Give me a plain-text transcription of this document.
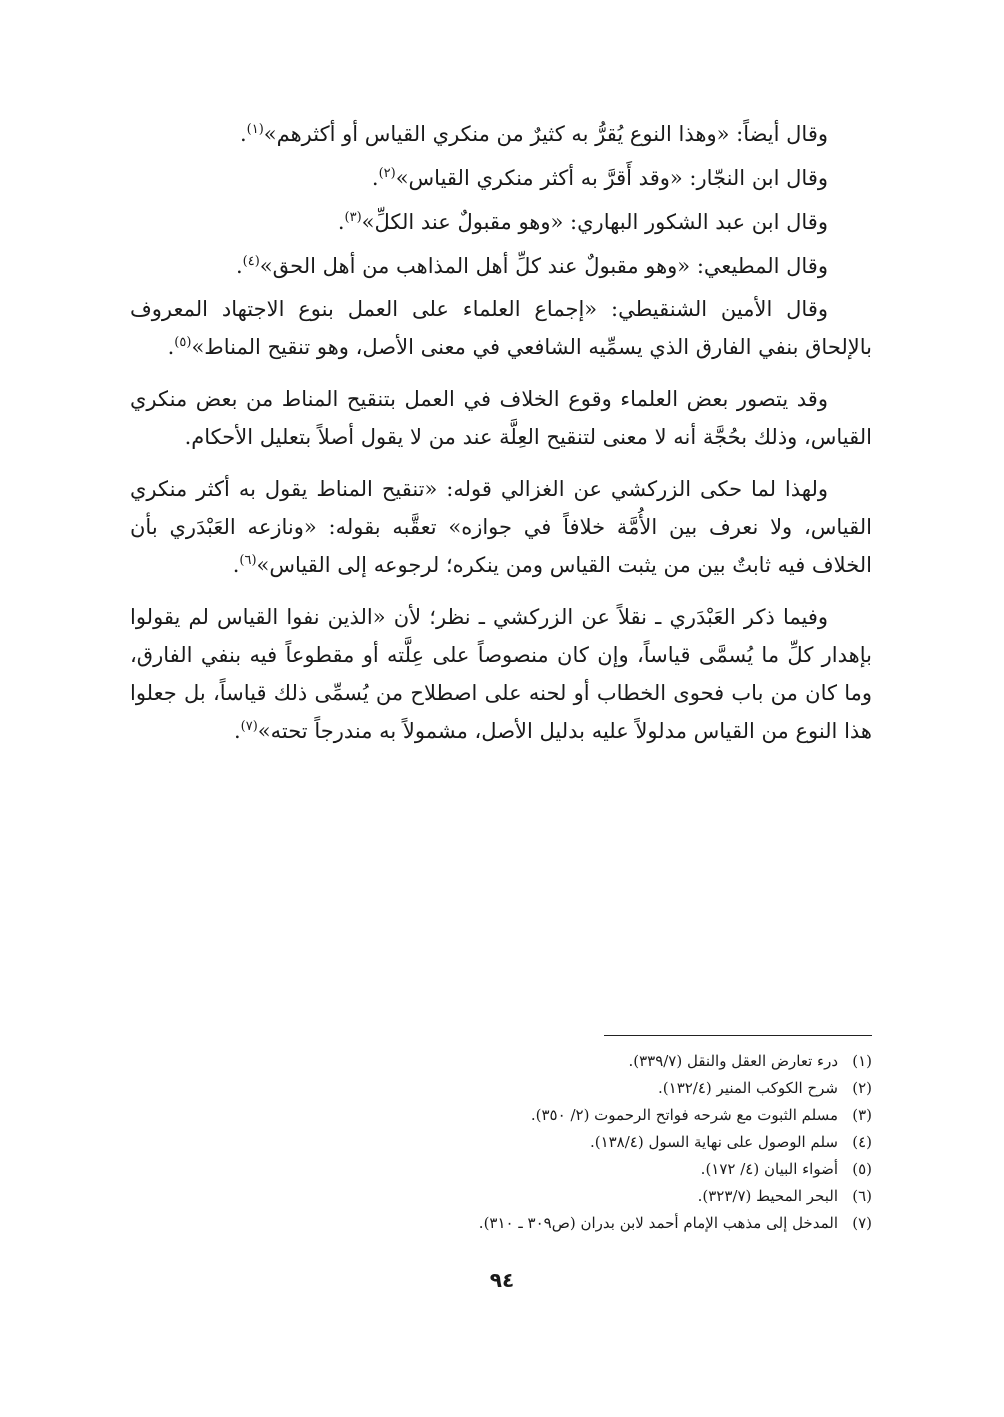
وقال أيضاً: «وهذا النوع يُقرُّ به كثيرٌ من منكري القياس أو أكثرهم»$^{(١)}$.

وقال ابن النجّار: «وقد أَقرَّ به أكثر منكري القياس»$^{(٢)}$.

وقال ابن عبد الشكور البهاري: «وهو مقبولٌ عند الكلِّ»$^{(٣)}$.

وقال المطيعي: «وهو مقبولٌ عند كلِّ أهل المذاهب من أهل الحق»$^{(٤)}$.

وقال الأمين الشنقيطي: «إجماع العلماء على العمل بنوع الاجتهاد المعروف بالإلحاق بنفي الفارق الذي يسمِّيه الشافعي في معنى الأصل، وهو تنقيح المناط»$^{(٥)}$.

وقد يتصور بعض العلماء وقوع الخلاف في العمل بتنقيح المناط من بعض منكري القياس، وذلك بحُجَّة أنه لا معنى لتنقيح العِلَّة عند من لا يقول أصلاً بتعليل الأحكام.

ولهذا لما حكى الزركشي عن الغزالي قوله: «تنقيح المناط يقول به أكثر منكري القياس، ولا نعرف بين الأُمَّة خلافاً في جوازه» تعقَّبه بقوله: «ونازعه العَبْدَري بأن الخلاف فيه ثابتٌ بين من يثبت القياس ومن ينكره؛ لرجوعه إلى القياس»$^{(٦)}$.

وفيما ذكر العَبْدَري ـ نقلاً عن الزركشي ـ نظر؛ لأن «الذين نفوا القياس لم يقولوا بإهدار كلِّ ما يُسمَّى قياساً، وإن كان منصوصاً على عِلَّته أو مقطوعاً فيه بنفي الفارق، وما كان من باب فحوى الخطاب أو لحنه على اصطلاح من يُسمِّى ذلك قياساً، بل جعلوا هذا النوع من القياس مدلولاً عليه بدليل الأصل، مشمولاً به مندرجاً تحته»$^{(٧)}$.

(١)درء تعارض العقل والنقل (٣٣٩/٧).
(٢)شرح الكوكب المنير (١٣٢/٤).
(٣)مسلم الثبوت مع شرحه فواتح الرحموت (٢/ ٣٥٠).
(٤)سلم الوصول على نهاية السول (١٣٨/٤).
(٥)أضواء البيان (٤/ ١٧٢).
(٦)البحر المحيط (٣٢٣/٧).
(٧)المدخل إلى مذهب الإمام أحمد لابن بدران (ص٣٠٩ ـ ٣١٠).
٩٤
